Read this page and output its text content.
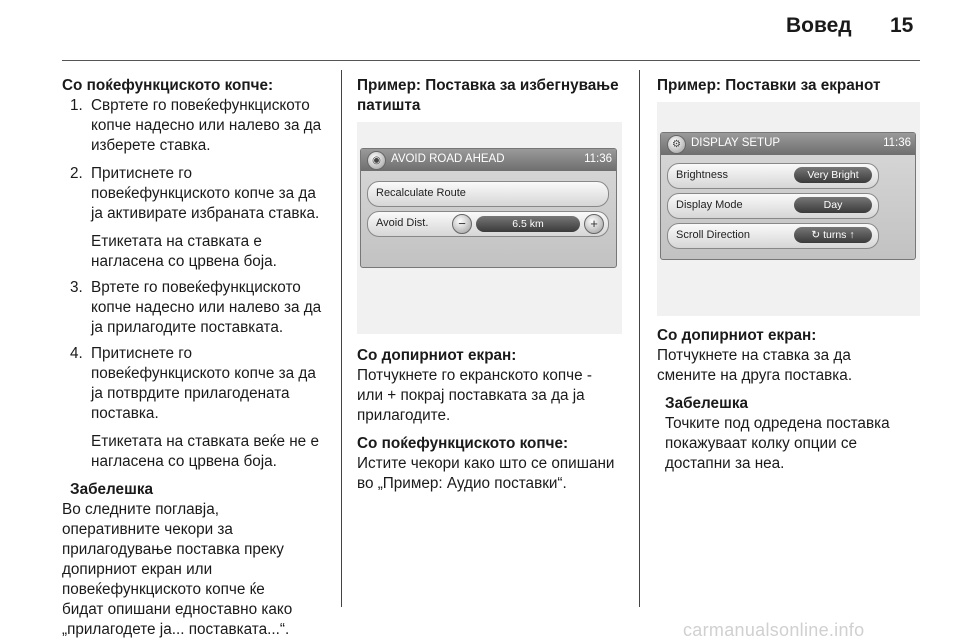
Вовед 15
Со поќефункциското копче:
1. Свртете го повеќефункциското
копче надесно или налево за да
изберете ставка.
2. Притиснете го
повеќефункциското копче за да
ја активирате избраната ставка.
Етикетата на ставката е
нагласена со црвена боја.
3. Вртете го повеќефункциското
копче надесно или налево за да
ја прилагодите поставката.
4. Притиснете го
повеќефункциското копче за да
ја потврдите прилагодената
поставка.
Етикетата на ставката веќе не е
нагласена со црвена боја.
Забелешка
Во следните поглавја,
оперативните чекори за
прилагодување поставка преку
допирниот екран или
повеќефункциското копче ќе
бидат опишани едноставно како
„прилагодете ја... поставката...“.
Пример: Поставка за избегнување
патишта
◉ AVOID ROAD AHEAD	11:36
Recalculate Route
Avoid Dist.	−	6.5 km	+
Со допирниот екран:
Потчукнете го екранското копче -
или + покрај поставката за да ја
прилагодите.
Со поќефункциското копче:
Истите чекори како што се опишани
во „Пример: Аудио поставки“.
Пример: Поставки за екранот
⚙ DISPLAY SETUP	11:36
Brightness	Very Bright
Display Mode	Day
Scroll Direction	↻ turns ↑
Со допирниот екран:
Потчукнете на ставка за да
смените на друга поставка.
Забелешка
Точките под одредена поставка
покажуваат колку опции се
достапни за неа.
carmanualsonline.info
